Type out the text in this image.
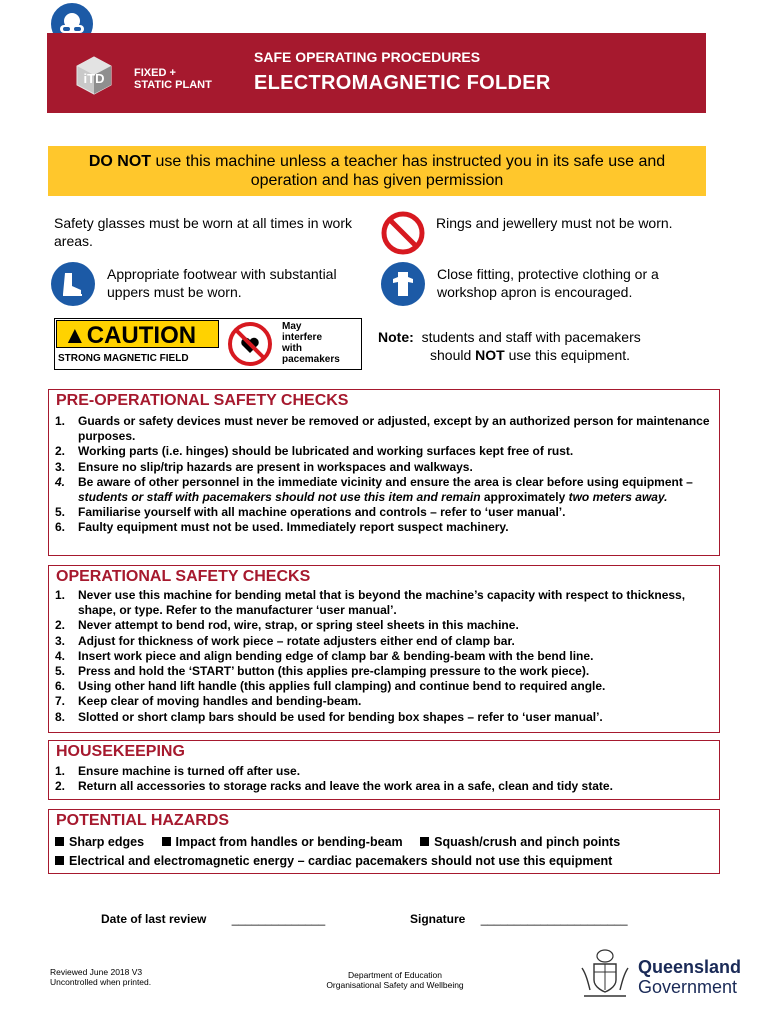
iTD	FIXED +
STATIC PLANT
SAFE OPERATING PROCEDURES
ELECTROMAGNETIC FOLDER
DO NOT use this machine unless a teacher has instructed you in its safe use and operation and has given permission
Safety glasses must be worn at all times in work areas.
Rings and jewellery must not be worn.
Appropriate footwear with substantial uppers must be worn.
Close fitting, protective clothing or a workshop apron is encouraged.
▲CAUTION
STRONG MAGNETIC FIELD
May
interfere
with
pacemakers
Note: students and staff with pacemakers
should NOT use this equipment.
PRE-OPERATIONAL SAFETY CHECKS
1. Guards or safety devices must never be removed or adjusted, except by an authorized person for maintenance purposes.
2. Working parts (i.e. hinges) should be lubricated and working surfaces kept free of rust.
3. Ensure no slip/trip hazards are present in workspaces and walkways.
4. Be aware of other personnel in the immediate vicinity and ensure the area is clear before using equipment – students or staff with pacemakers should not use this item and remain approximately two meters away.
5. Familiarise yourself with all machine operations and controls – refer to ‘user manual’.
6. Faulty equipment must not be used. Immediately report suspect machinery.
OPERATIONAL SAFETY CHECKS
1. Never use this machine for bending metal that is beyond the machine’s capacity with respect to thickness, shape, or type. Refer to the manufacturer ‘user manual’.
2. Never attempt to bend rod, wire, strap, or spring steel sheets in this machine.
3. Adjust for thickness of work piece – rotate adjusters either end of clamp bar.
4. Insert work piece and align bending edge of clamp bar & bending-beam with the bend line.
5. Press and hold the ‘START’ button (this applies pre-clamping pressure to the work piece).
6. Using other hand lift handle (this applies full clamping) and continue bend to required angle.
7. Keep clear of moving handles and bending-beam.
8. Slotted or short clamp bars should be used for bending box shapes – refer to ‘user manual’.
HOUSEKEEPING
1. Ensure machine is turned off after use.
2. Return all accessories to storage racks and leave the work area in a safe, clean and tidy state.
POTENTIAL HAZARDS
Sharp edges	Impact from handles or bending-beam	Squash/crush and pinch points
Electrical and electromagnetic energy – cardiac pacemakers should not use this equipment
Date of last review ______________	Signature ______________________
Reviewed June 2018 V3
Uncontrolled when printed.
Department of Education
Organisational Safety and Wellbeing
Queensland
Government
